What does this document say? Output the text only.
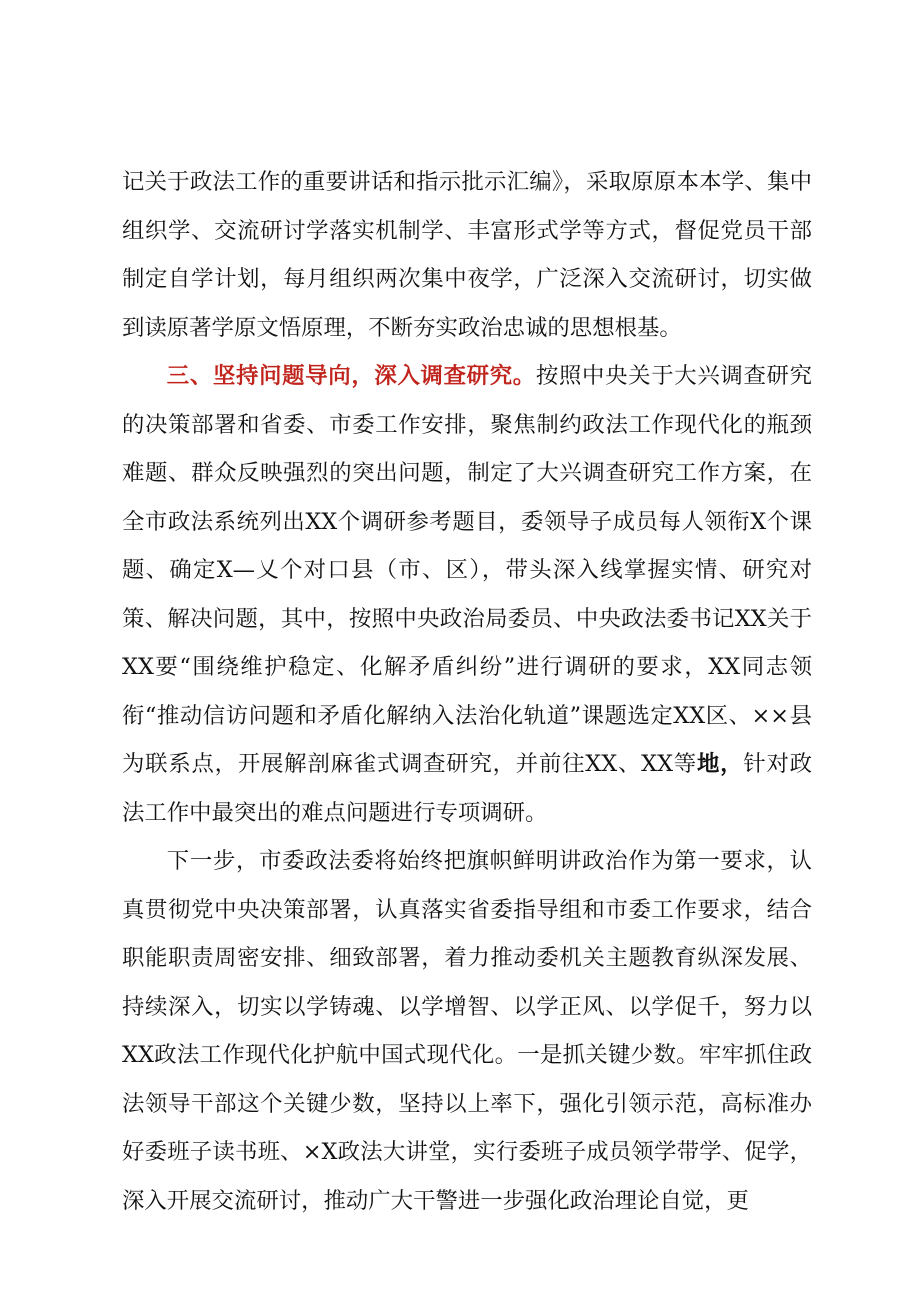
记关于政法工作的重要讲话和指示批示汇编》，采取原原本本学、集中组织学、交流研讨学落实机制学、丰富形式学等方式，督促党员干部制定自学计划，每月组织两次集中夜学，广泛深入交流研讨，切实做到读原著学原文悟原理，不断夯实政治忠诚的思想根基。

三、坚持问题导向，深入调查研究。按照中央关于大兴调查研究的决策部署和省委、市委工作安排，聚焦制约政法工作现代化的瓶颈难题、群众反映强烈的突出问题，制定了大兴调查研究工作方案，在全市政法系统列出XX个调研参考题目，委领导子成员每人领衔X个课题、确定X—乂个对口县（市、区），带头深入线掌握实情、研究对策、解决问题，其中，按照中央政治局委员、中央政法委书记XX关于XX要“围绕维护稳定、化解矛盾纠纷”进行调研的要求，XX同志领衔“推动信访问题和矛盾化解纳入法治化轨道”课题选定XX区、××县为联系点，开展解剖麻雀式调查研究，并前往XX、XX等地，针对政法工作中最突出的难点问题进行专项调研。

下一步，市委政法委将始终把旗帜鲜明讲政治作为第一要求，认真贯彻党中央决策部署，认真落实省委指导组和市委工作要求，结合职能职责周密安排、细致部署，着力推动委机关主题教育纵深发展、持续深入，切实以学铸魂、以学增智、以学正风、以学促千，努力以XX政法工作现代化护航中国式现代化。一是抓关键少数。牢牢抓住政法领导干部这个关键少数，坚持以上率下，强化引领示范，高标准办好委班子读书班、×X政法大讲堂，实行委班子成员领学带学、促学，深入开展交流研讨，推动广大干警进一步强化政治理论自觉，更
